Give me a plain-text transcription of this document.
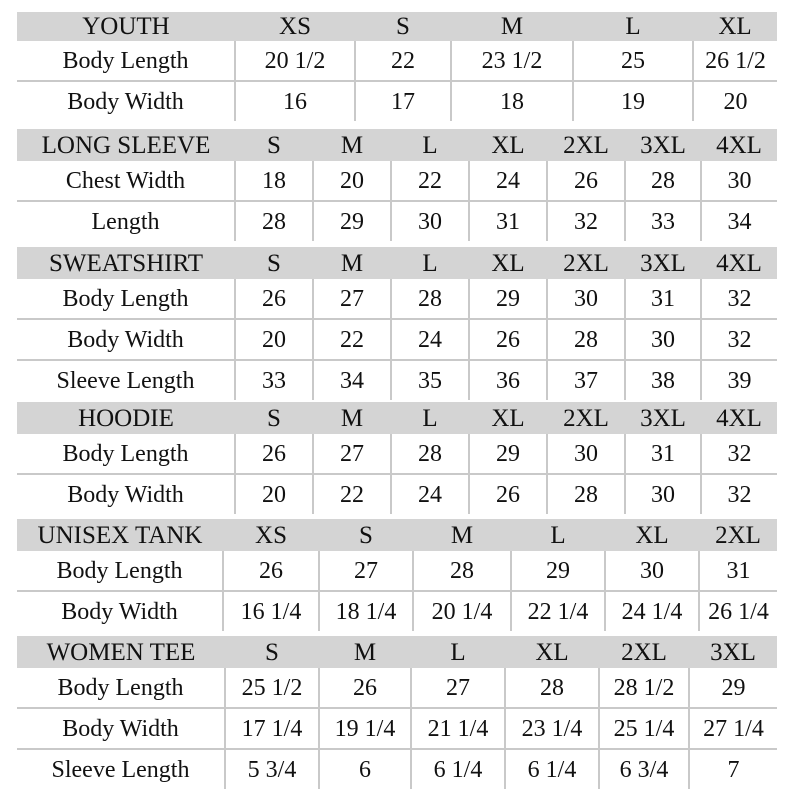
YOUTH	XS	S	M	L	XL
Body Length	20 1/2	22	23 1/2	25	26 1/2
Body Width	16	17	18	19	20
LONG SLEEVE	S	M	L	XL	2XL	3XL	4XL
Chest Width	18	20	22	24	26	28	30
Length	28	29	30	31	32	33	34
SWEATSHIRT	S	M	L	XL	2XL	3XL	4XL
Body Length	26	27	28	29	30	31	32
Body Width	20	22	24	26	28	30	32
Sleeve Length	33	34	35	36	37	38	39
HOODIE	S	M	L	XL	2XL	3XL	4XL
Body Length	26	27	28	29	30	31	32
Body Width	20	22	24	26	28	30	32
UNISEX TANK	XS	S	M	L	XL	2XL
Body Length	26	27	28	29	30	31
Body Width	16 1/4	18 1/4	20 1/4	22 1/4	24 1/4	26 1/4
WOMEN TEE	S	M	L	XL	2XL	3XL
Body Length	25 1/2	26	27	28	28 1/2	29
Body Width	17 1/4	19 1/4	21 1/4	23 1/4	25 1/4	27 1/4
Sleeve Length	5 3/4	6	6 1/4	6 1/4	6 3/4	7
